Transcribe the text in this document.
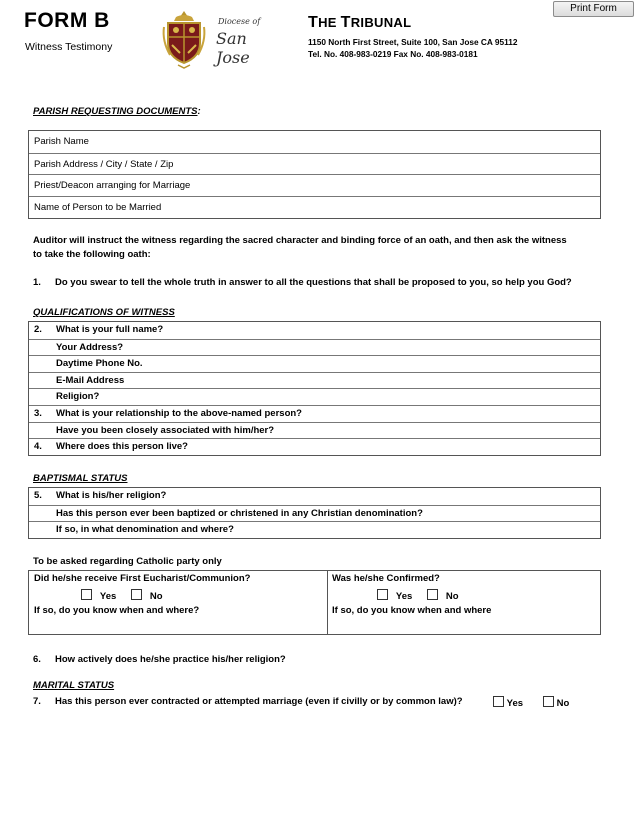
Print Form
FORM B
Witness Testimony
Diocese of
San Jose
THE TRIBUNAL
1150 North First Street, Suite 100, San Jose CA 95112
Tel. No. 408-983-0219 Fax No. 408-983-0181
PARISH REQUESTING DOCUMENTS:
Parish Name
Parish Address / City / State / Zip
Priest/Deacon arranging for Marriage
Name of Person to be Married
Auditor will instruct the witness regarding the sacred character and binding force of an oath, and then ask the witness
to take the following oath:
1. Do you swear to tell the whole truth in answer to all the questions that shall be proposed to you, so help you God?
QUALIFICATIONS OF WITNESS
2. What is your full name?
Your Address?
Daytime Phone No.
E-Mail Address
Religion?
3. What is your relationship to the above-named person?
Have you been closely associated with him/her?
4. Where does this person live?
BAPTISMAL STATUS
5. What is his/her religion?
Has this person ever been baptized or christened in any Christian denomination?
If so, in what denomination and where?
To be asked regarding Catholic party only
Did he/she receive First Eucharist/Communion?
Yes	No
If so, do you know when and where?
Was he/she Confirmed?
Yes	No
If so, do you know when and where
6. How actively does he/she practice his/her religion?
MARITAL STATUS
7. Has this person ever contracted or attempted marriage (even if civilly or by common law)?	Yes	No
